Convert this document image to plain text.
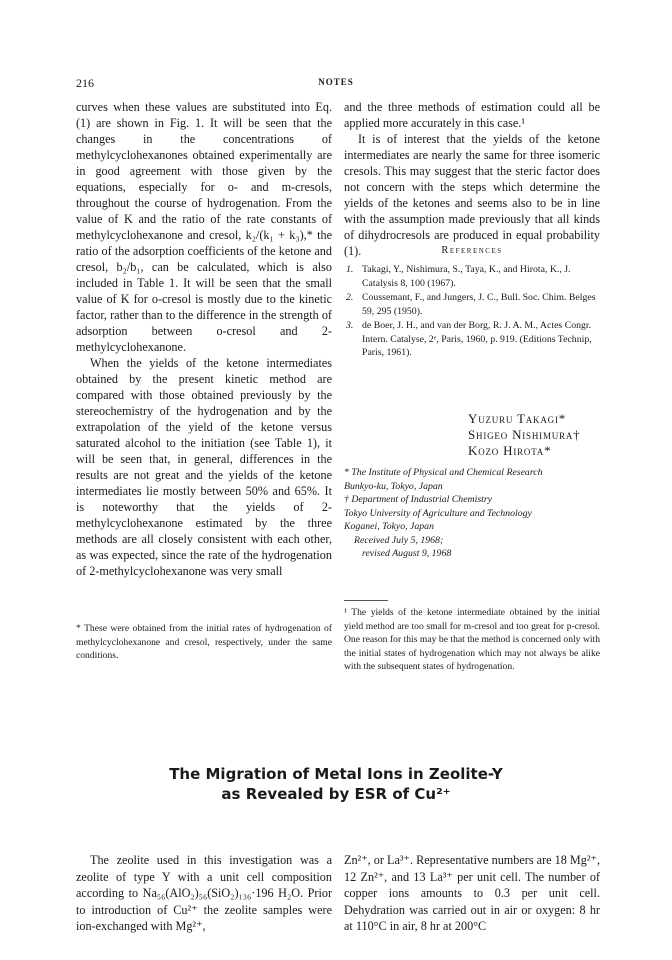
216	NOTES

curves when these values are substituted into Eq. (1) are shown in Fig. 1. It will be seen that the changes in the concentrations of methylcyclohexanones obtained experimentally are in good agreement with those given by the equations, especially for o- and m-cresols, throughout the course of hydrogenation. From the value of K and the ratio of the rate constants of methylcyclohexanone and cresol, k₂/(k₁ + k₃),* the ratio of the adsorption coefficients of the ketone and cresol, b₂/b₁, can be calculated, which is also included in Table 1. It will be seen that the small value of K for o-cresol is mostly due to the kinetic factor, rather than to the difference in the strength of adsorption between o-cresol and 2-methylcyclohexanone.

When the yields of the ketone intermediates obtained by the present kinetic method are compared with those obtained previously by the stereochemistry of the hydrogenation and by the extrapolation of the yield of the ketone versus saturated alcohol to the initiation (see Table 1), it will be seen that, in general, differences in the results are not great and the yields of the ketone intermediates lie mostly between 50% and 65%. It is noteworthy that the yields of 2-methylcyclohexanone estimated by the three methods are all closely consistent with each other, as was expected, since the rate of the hydrogenation of 2-methylcyclohexanone was very small

* These were obtained from the initial rates of hydrogenation of methylcyclohexanone and cresol, respectively, under the same conditions.

and the three methods of estimation could all be applied more accurately in this case.¹

It is of interest that the yields of the ketone intermediates are nearly the same for three isomeric cresols. This may suggest that the steric factor does not concern with the steps which determine the yields of the ketones and seems also to be in line with the assumption made previously that all kinds of dihydrocresols are produced in equal probability (1).	References
1. Takagi, Y., Nishimura, S., Taya, K., and Hirota, K., J. Catalysis 8, 100 (1967).
2. Coussemant, F., and Jungers, J. C., Bull. Soc. Chim. Belges 59, 295 (1950).
3. de Boer, J. H., and van der Borg, R. J. A. M., Actes Congr. Intern. Catalyse, 2ᵉ, Paris, 1960, p. 919. (Editions Technip, Paris, 1961).
Yuzuru Takagi*
Shigeo Nishimura†
Kozo Hirota*
* The Institute of Physical and Chemical Research
Bunkyo-ku, Tokyo, Japan
† Department of Industrial Chemistry
Tokyo University of Agriculture and Technology
Koganei, Tokyo, Japan
Received July 5, 1968;
revised August 9, 1968
¹ The yields of the ketone intermediate obtained by the initial yield method are too small for m-cresol and too great for p-cresol. One reason for this may be that the method is concerned only with the initial states of hydrogenation which may not always be alike with the subsequent states of hydrogenation.
The Migration of Metal Ions in Zeolite-Y
as Revealed by ESR of Cu²⁺
The zeolite used in this investigation was a zeolite of type Y with a unit cell composition according to Na₅₆(AlO₂)₅₆(SiO₂)₁₃₆·196 H₂O. Prior to introduction of Cu²⁺ the zeolite samples were ion-exchanged with Mg²⁺,
Zn²⁺, or La³⁺. Representative numbers are 18 Mg²⁺, 12 Zn²⁺, and 13 La³⁺ per unit cell. The number of copper ions amounts to 0.3 per unit cell. Dehydration was carried out in air or oxygen: 8 hr at 110°C in air, 8 hr at 200°C
